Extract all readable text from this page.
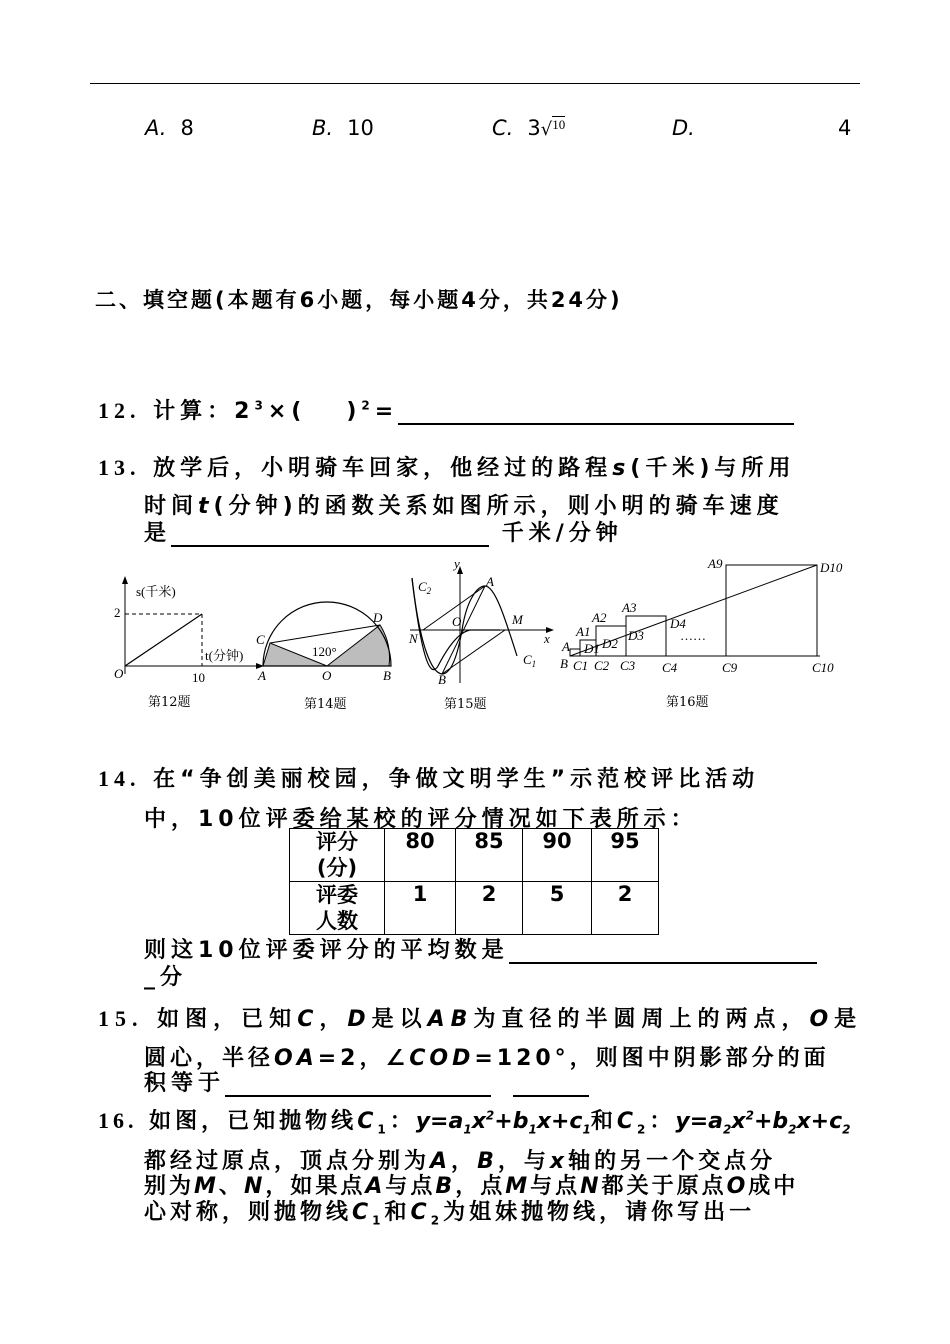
A. 8	B. 10	C. 3√$^{10}$	D.	4
二、填空题(本题有6小题，每小题4分，共24分)
12. 计算：$2^3\times$( )$^2$=
13. 放学后，小明骑车回家，他经过的路程s(千米)与所用
时间t(分钟)的函数关系如图所示，则小明的骑车速度
是	千米/分钟
s(千米)
2
t(分钟)
O	10
第12题
A	O	B
C
D
120°
第14题
y
x
A
B
O	M
N
$C_2$
$C_1$
第15题
……
A
B
A1
A2
A3
A9
D1 D2
D3
D4
D10
C1 C2 C3 C4	C9	C10
第16题
14. 在“争创美丽校园，争做文明学生”示范校评比活动
中，10位评委给某校的评分情况如下表所示：
评分
(分)	80	85	90	95
评委
人数	1	2	5	2
则这10位评委评分的平均数是
_分
15. 如图，已知C，D是以AB为直径的半圆周上的两点，O是
圆心，半径OA=2，∠COD=120°，则图中阴影部分的面
积等于
16. 如图，已知抛物线$C_1$：$y=a_1x^2+b_1x+c_1$和$C_2$：$y=a_2x^2+b_2x+c_2$
都经过原点，顶点分别为A，B，与x轴的另一个交点分
别为M、N，如果点A与点B，点M与点N都关于原点O成中
心对称，则抛物线$C_1$和$C_2$为姐妹抛物线，请你写出一
